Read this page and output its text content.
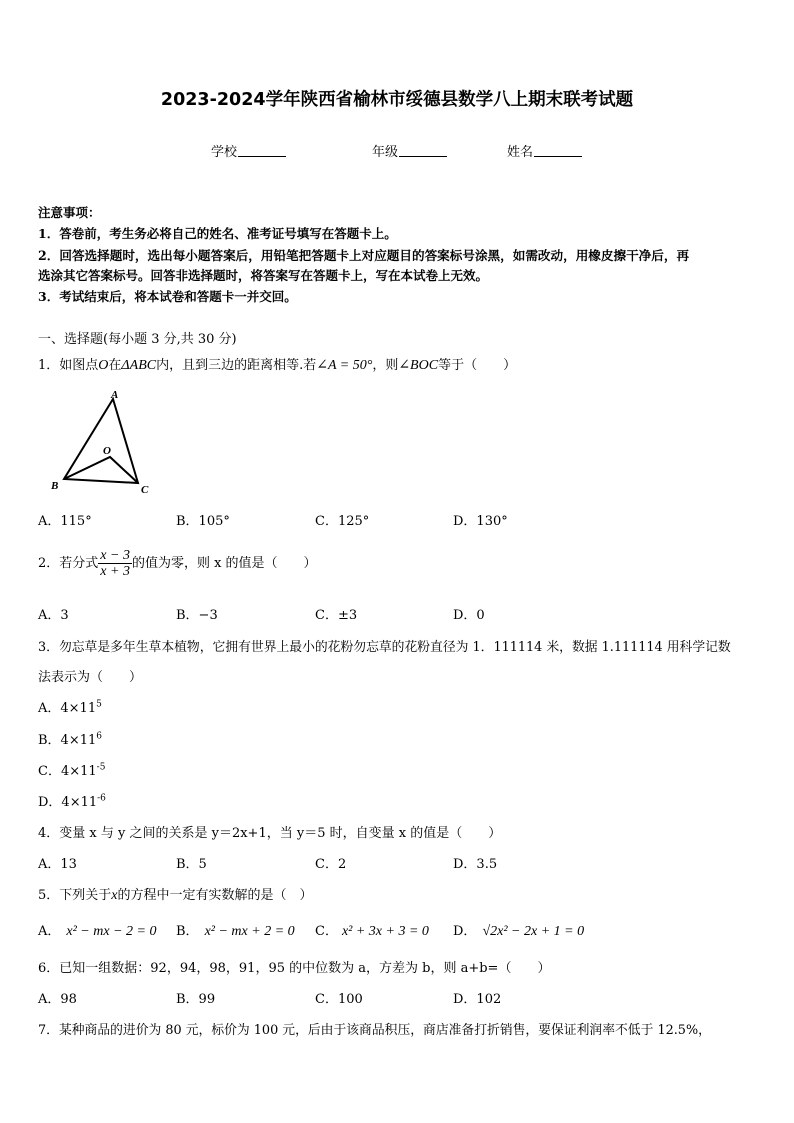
2023-2024学年陕西省榆林市绥德县数学八上期末联考试题
学校	年级	姓名
注意事项：
1．答卷前，考生务必将自己的姓名、准考证号填写在答题卡上。
2．回答选择题时，选出每小题答案后，用铅笔把答题卡上对应题目的答案标号涂黑，如需改动，用橡皮擦干净后，再
选涂其它答案标号。回答非选择题时，将答案写在答题卡上，写在本试卷上无效。
3．考试结束后，将本试卷和答题卡一并交回。
一、选择题(每小题 3 分,共 30 分)
1．如图点O在ΔABC内，且到三边的距离相等.若∠A = 50°，则∠BOC等于（　　）
A
B	C
O
A．115°	B．105°	C．125°	D．130°
2．若分式 $\frac{x - 3}{x + 3}$ 的值为零，则 x 的值是（　　）
A．3	B．−3	C．±3	D．0
3．勿忘草是多年生草本植物，它拥有世界上最小的花粉勿忘草的花粉直径为 1．111114 米，数据 1.111114 用科学记数
法表示为（　　）
A．$4\times 11^5$
B．$4\times 11^6$
C．$4\times 11^{-5}$
D．$4\times 11^{-6}$
4．变量 x 与 y 之间的关系是 y＝2x+1，当 y＝5 时，自变量 x 的值是（　　）
A．13	B．5	C．2	D．3.5
5．下列关于x的方程中一定有实数解的是（　）
A． x² − mx − 2 = 0 B． x² − mx + 2 = 0 C． x² + 3x + 3 = 0 D． √2x² − 2x + 1 = 0
6．已知一组数据：92，94，98，91，95 的中位数为 a，方差为 b，则 a+b=（　　）
A．98	B．99	C．100	D．102
7．某种商品的进价为 80 元，标价为 100 元，后由于该商品积压，商店准备打折销售，要保证利润率不低于 12.5%，
